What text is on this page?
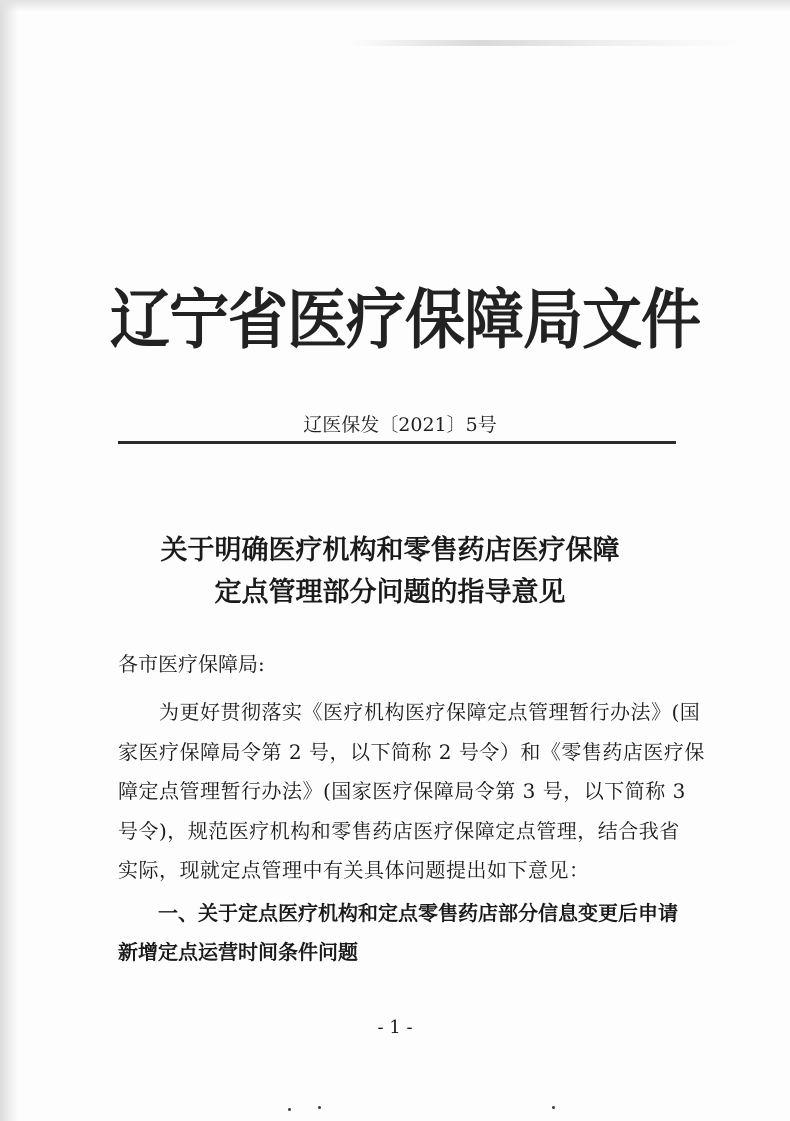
辽宁省医疗保障局文件
辽医保发〔2021〕5号
关于明确医疗机构和零售药店医疗保障
定点管理部分问题的指导意见
各市医疗保障局:
　　为更好贯彻落实《医疗机构医疗保障定点管理暂行办法》(国
家医疗保障局令第 2 号，以下简称 2 号令）和《零售药店医疗保
障定点管理暂行办法》(国家医疗保障局令第 3 号，以下简称 3
号令)，规范医疗机构和零售药店医疗保障定点管理，结合我省
实际，现就定点管理中有关具体问题提出如下意见：
　　一、关于定点医疗机构和定点零售药店部分信息变更后申请
新增定点运营时间条件问题
- 1 -
